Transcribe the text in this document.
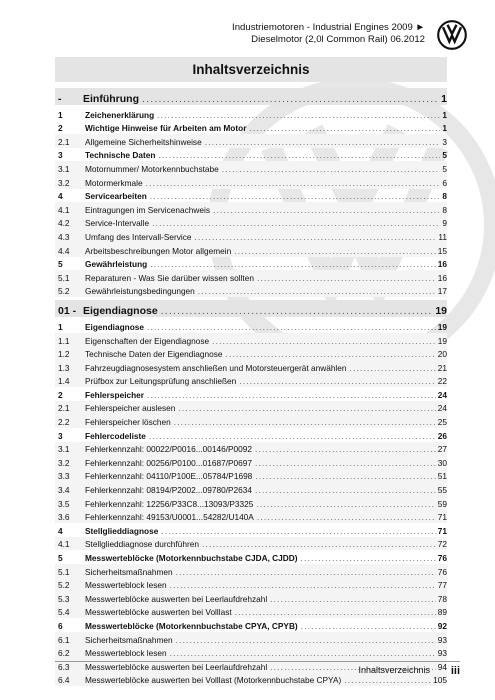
Industriemotoren - Industrial Engines 2009 ►
Dieselmotor (2,0l Common Rail) 06.2012
Inhaltsverzeichnis
-	Einführung .....	1
1	Zeichenerklärung .....	1
2	Wichtige Hinweise für Arbeiten am Motor .....	1
2.1	Allgemeine Sicherheitshinweise .....	3
3	Technische Daten .....	5
3.1	Motornummer/ Motorkennbuchstabe .....	5
3.2	Motormerkmale .....	6
4	Servicearbeiten .....	8
4.1	Eintragungen im Servicenachweis .....	8
4.2	Service-Intervalle .....	9
4.3	Umfang des Intervall-Service .....	11
4.4	Arbeitsbeschreibungen Motor allgemein .....	15
5	Gewährleistung .....	16
5.1	Reparaturen - Was Sie darüber wissen sollten .....	16
5.2	Gewährleistungsbedingungen .....	17
01 - Eigendiagnose .....	19
1	Eigendiagnose .....	19
1.1	Eigenschaften der Eigendiagnose .....	19
1.2	Technische Daten der Eigendiagnose .....	20
1.3	Fahrzeugdiagnosesystem anschließen und Motorsteuergerät anwählen .....	21
1.4	Prüfbox zur Leitungsprüfung anschließen .....	22
2	Fehlerspeicher .....	24
2.1	Fehlerspeicher auslesen .....	24
2.2	Fehlerspeicher löschen .....	25
3	Fehlercodeliste .....	26
3.1	Fehlerkennzahl: 00022/P0016...00146/P0092 .....	27
3.2	Fehlerkennzahl: 00256/P0100...01687/P0697 .....	30
3.3	Fehlerkennzahl: 04110/P100E...05784/P1698 .....	51
3.4	Fehlerkennzahl: 08194/P2002...09780/P2634 .....	55
3.5	Fehlerkennzahl: 12256/P33C8...13093/P3325 .....	59
3.6	Fehlerkennzahl: 49153/U0001...54282/U140A .....	71
4	Stellglieddiagnose .....	71
4.1	Stellglieddiagnose durchführen .....	72
5	Messwerteblöcke (Motorkennbuchstabe CJDA, CJDD) .....	76
5.1	Sicherheitsmaßnahmen .....	76
5.2	Messwerteblock lesen .....	77
5.3	Messwerteblöcke auswerten bei Leerlaufdrehzahl .....	78
5.4	Messwerteblöcke auswerten bei Volllast .....	89
6	Messwerteblöcke (Motorkennbuchstabe CPYA, CPYB) .....	92
6.1	Sicherheitsmaßnahmen .....	93
6.2	Messwerteblock lesen .....	93
6.3	Messwerteblöcke auswerten bei Leerlaufdrehzahl .....	94
6.4	Messwerteblöcke auswerten bei Volllast (Motorkennbuchstabe CPYA) .....	105
Inhaltsverzeichnis iii
